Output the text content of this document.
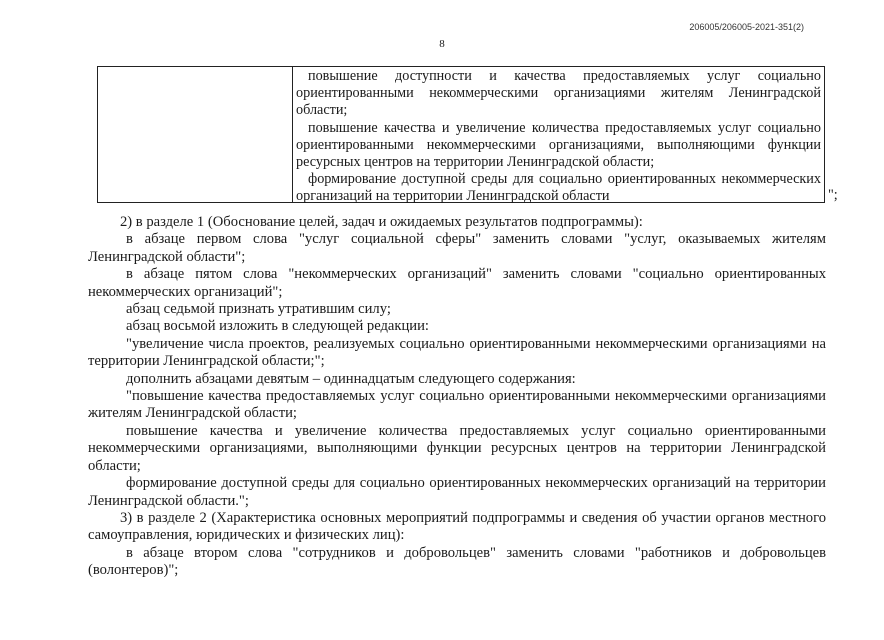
206005/206005-2021-351(2)
8

повышение доступности и качества предоставляемых услуг социально ориентированными некоммерческими организациями жителям Ленинградской области;

повышение качества и увеличение количества предоставляемых услуг социально ориентированными некоммерческими организациями, выполняющими функции ресурсных центров на территории Ленинградской области;

формирование доступной среды для социально ориентированных некоммерческих организаций на территории Ленинградской области	";

2) в разделе 1 (Обоснование целей, задач и ожидаемых результатов подпрограммы):

в абзаце первом слова "услуг социальной сферы" заменить словами "услуг, оказываемых жителям Ленинградской области";

в абзаце пятом слова "некоммерческих организаций" заменить словами "социально ориентированных некоммерческих организаций";

абзац седьмой признать утратившим силу;

абзац восьмой изложить в следующей редакции:

"увеличение числа проектов, реализуемых социально ориентированными некоммерческими организациями на территории Ленинградской области;";

дополнить абзацами девятым – одиннадцатым следующего содержания:

"повышение качества предоставляемых услуг социально ориентированными некоммерческими организациями жителям Ленинградской области;

повышение качества и увеличение количества предоставляемых услуг социально ориентированными некоммерческими организациями, выполняющими функции ресурсных центров на территории Ленинградской области;

формирование доступной среды для социально ориентированных некоммерческих организаций на территории Ленинградской области.";

3) в разделе 2 (Характеристика основных мероприятий подпрограммы и сведения об участии органов местного самоуправления, юридических и физических лиц):

в абзаце втором слова "сотрудников и добровольцев" заменить словами "работников и добровольцев (волонтеров)";
